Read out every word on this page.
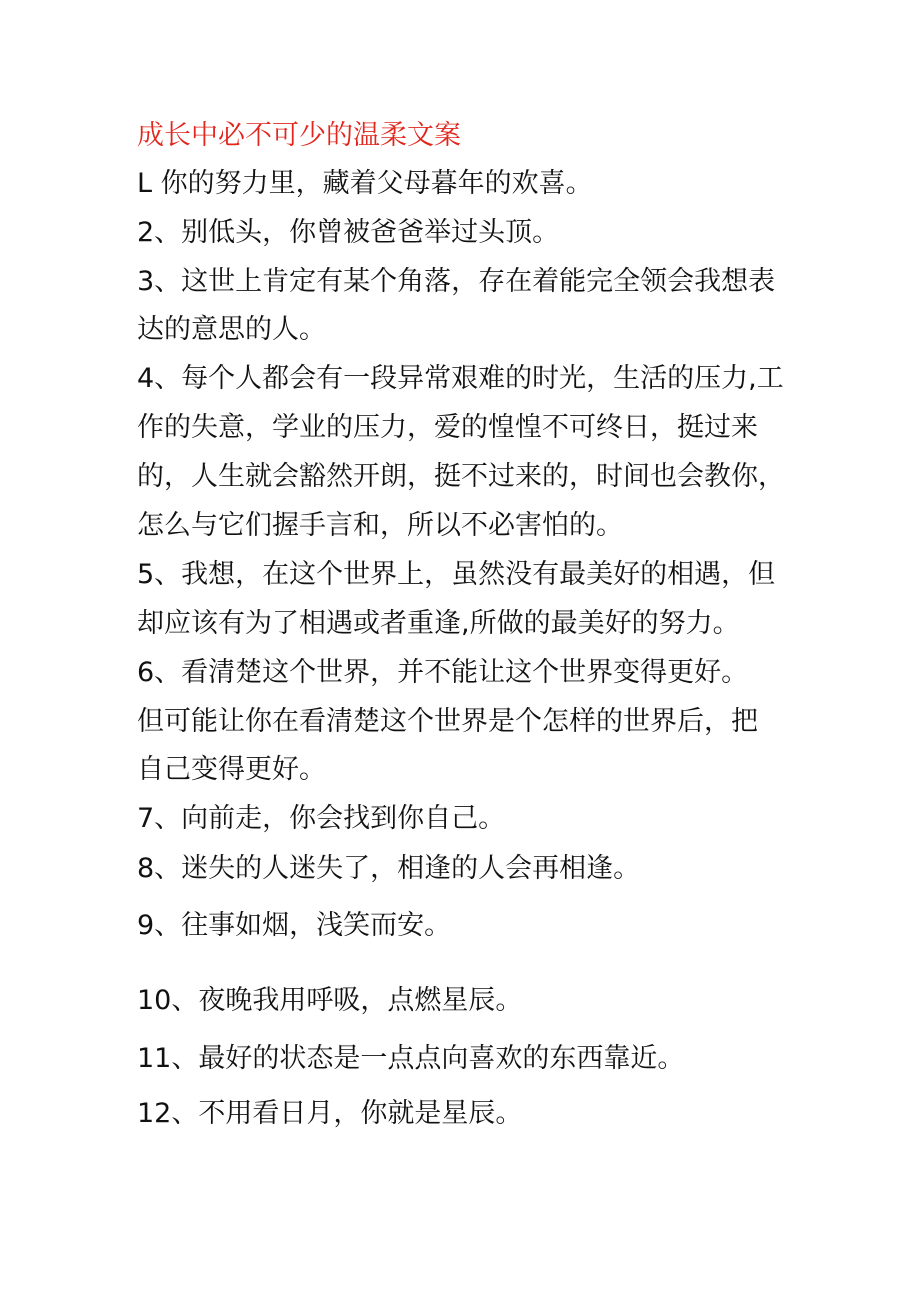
成长中必不可少的温柔文案
L 你的努力里，藏着父母暮年的欢喜。
2、别低头，你曾被爸爸举过头顶。
3、这世上肯定有某个角落，存在着能完全领会我想表
达的意思的人。
4、每个人都会有一段异常艰难的时光，生活的压力,工
作的失意，学业的压力，爱的惶惶不可终日，挺过来
的，人生就会豁然开朗，挺不过来的，时间也会教你，
怎么与它们握手言和，所以不必害怕的。
5、我想，在这个世界上，虽然没有最美好的相遇，但
却应该有为了相遇或者重逢,所做的最美好的努力。
6、看清楚这个世界，并不能让这个世界变得更好。
但可能让你在看清楚这个世界是个怎样的世界后，把
自己变得更好。
7、向前走，你会找到你自己。
8、迷失的人迷失了，相逢的人会再相逢。
9、往事如烟，浅笑而安。
10、夜晚我用呼吸，点燃星辰。
11、最好的状态是一点点向喜欢的东西靠近。
12、不用看日月，你就是星辰。
